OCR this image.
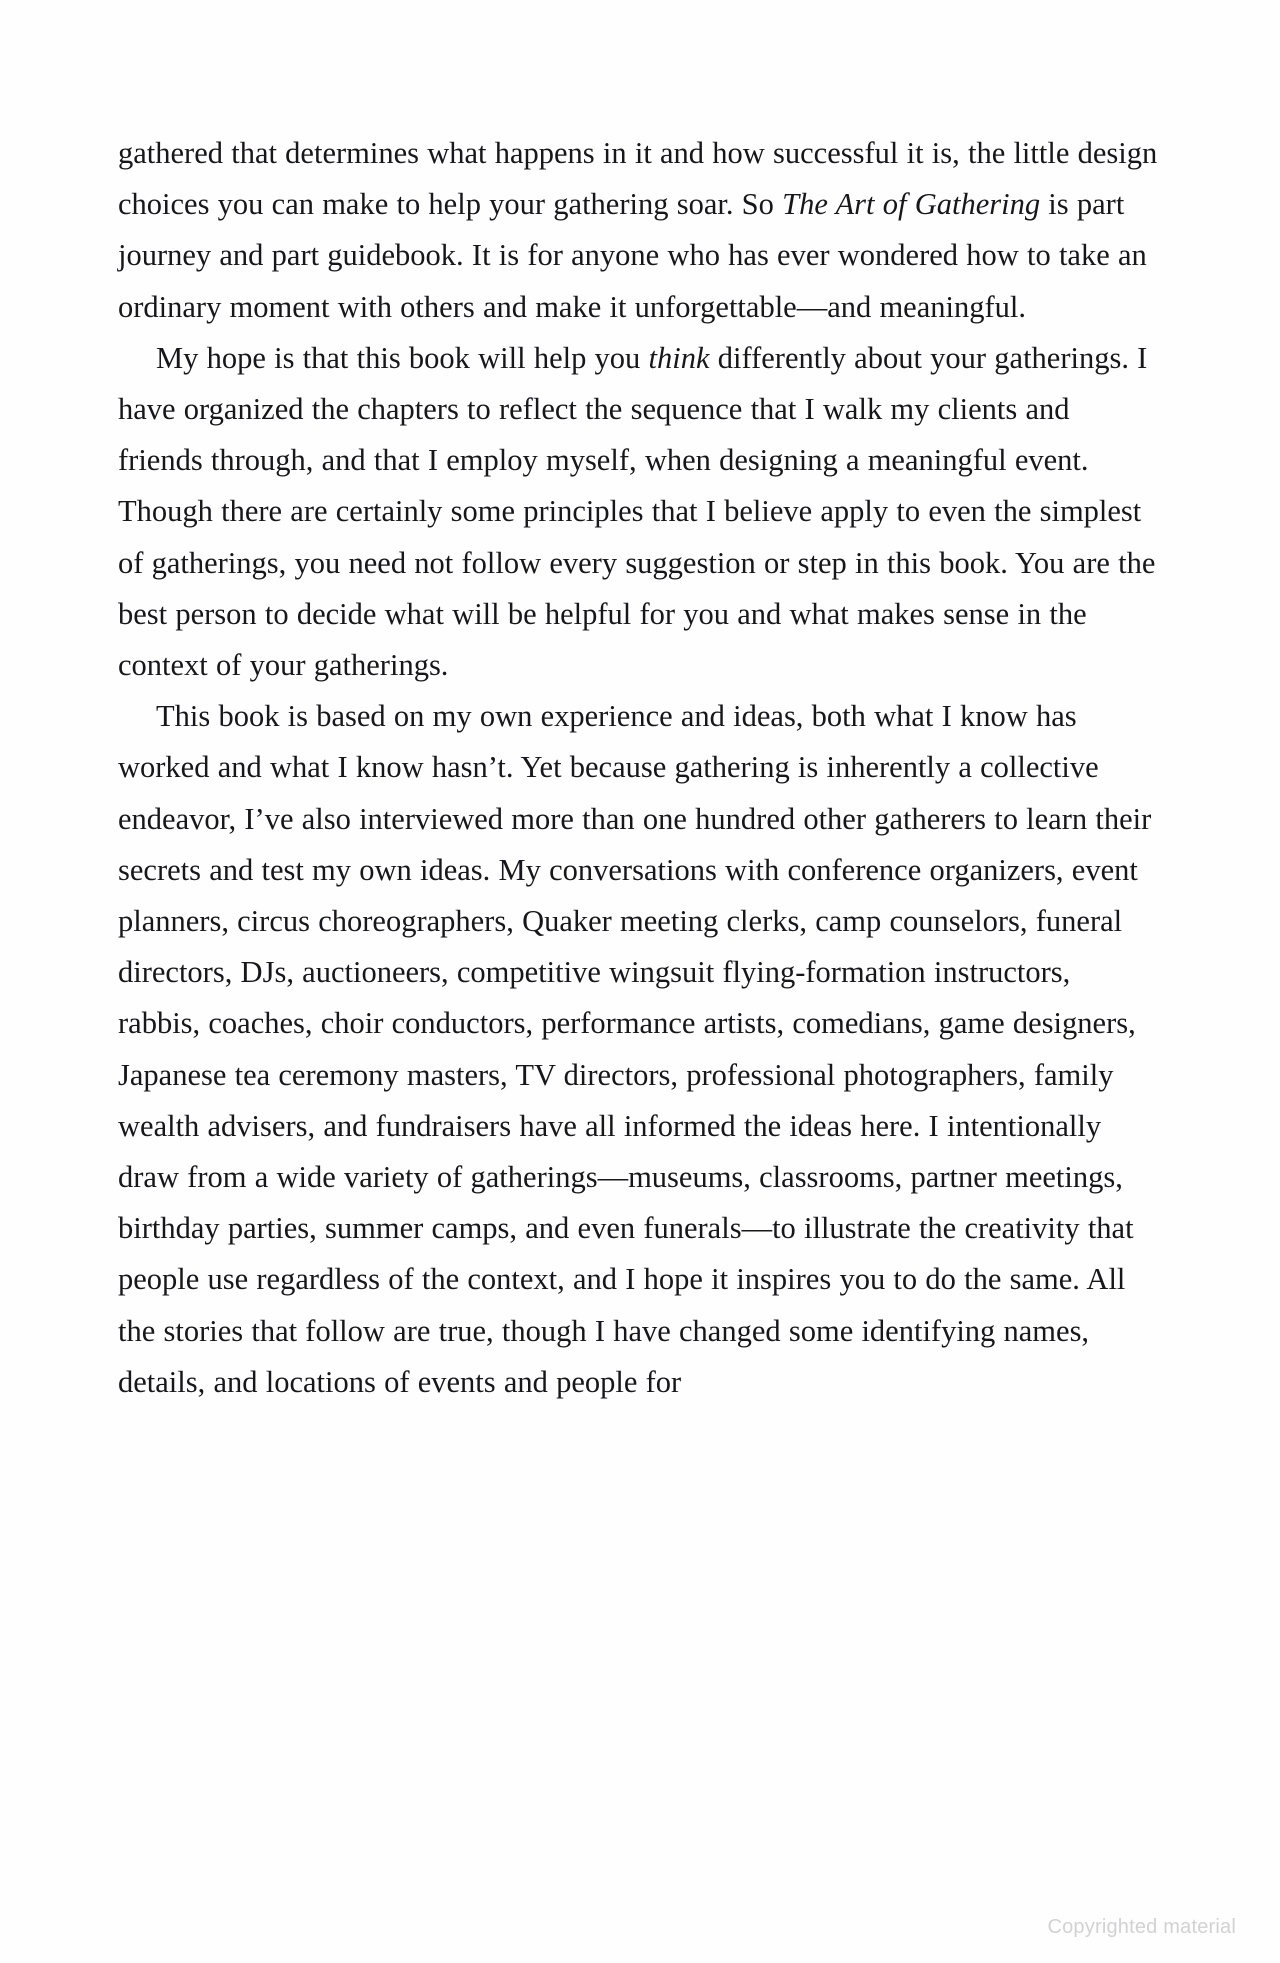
gathered that determines what happens in it and how successful it is, the little design choices you can make to help your gathering soar. So The Art of Gathering is part journey and part guidebook. It is for anyone who has ever wondered how to take an ordinary moment with others and make it unforgettable—and meaningful.

My hope is that this book will help you think differently about your gatherings. I have organized the chapters to reflect the sequence that I walk my clients and friends through, and that I employ myself, when designing a meaningful event. Though there are certainly some principles that I believe apply to even the simplest of gatherings, you need not follow every suggestion or step in this book. You are the best person to decide what will be helpful for you and what makes sense in the context of your gatherings.

This book is based on my own experience and ideas, both what I know has worked and what I know hasn’t. Yet because gathering is inherently a collective endeavor, I’ve also interviewed more than one hundred other gatherers to learn their secrets and test my own ideas. My conversations with conference organizers, event planners, circus choreographers, Quaker meeting clerks, camp counselors, funeral directors, DJs, auctioneers, competitive wingsuit flying-formation instructors, rabbis, coaches, choir conductors, performance artists, comedians, game designers, Japanese tea ceremony masters, TV directors, professional photographers, family wealth advisers, and fundraisers have all informed the ideas here. I intentionally draw from a wide variety of gatherings—museums, classrooms, partner meetings, birthday parties, summer camps, and even funerals—to illustrate the creativity that people use regardless of the context, and I hope it inspires you to do the same. All the stories that follow are true, though I have changed some identifying names, details, and locations of events and people for

Copyrighted material
